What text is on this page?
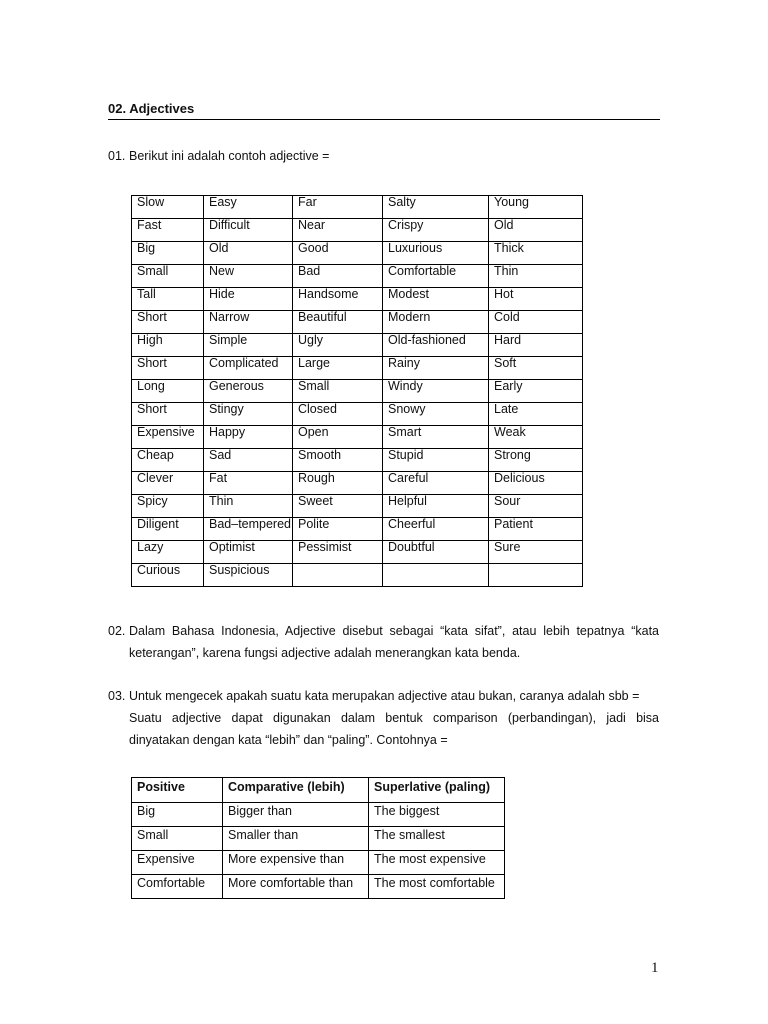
02. Adjectives
01. Berikut ini adalah contoh adjective =

Slow	Easy	Far	Salty	Young
Fast	Difficult	Near	Crispy	Old
Big	Old	Good	Luxurious	Thick
Small	New	Bad	Comfortable	Thin
Tall	Hide	Handsome	Modest	Hot
Short	Narrow	Beautiful	Modern	Cold
High	Simple	Ugly	Old-fashioned	Hard
Short	Complicated	Large	Rainy	Soft
Long	Generous	Small	Windy	Early
Short	Stingy	Closed	Snowy	Late
Expensive	Happy	Open	Smart	Weak
Cheap	Sad	Smooth	Stupid	Strong
Clever	Fat	Rough	Careful	Delicious
Spicy	Thin	Sweet	Helpful	Sour
Diligent	Bad–tempered	Polite	Cheerful	Patient
Lazy	Optimist	Pessimist	Doubtful	Sure
Curious	Suspicious			
02. Dalam Bahasa Indonesia, Adjective disebut sebagai “kata sifat”, atau lebih tepatnya “kata keterangan”, karena fungsi adjective adalah menerangkan kata benda.

03. Untuk mengecek apakah suatu kata merupakan adjective atau bukan, caranya adalah sbb =

Suatu adjective dapat digunakan dalam bentuk comparison (perbandingan), jadi bisa dinyatakan dengan kata “lebih” dan “paling”. Contohnya =

Positive	Comparative (lebih)	Superlative (paling)
Big	Bigger than	The biggest
Small	Smaller than	The smallest
Expensive	More expensive than	The most expensive
Comfortable	More comfortable than	The most comfortable
1
